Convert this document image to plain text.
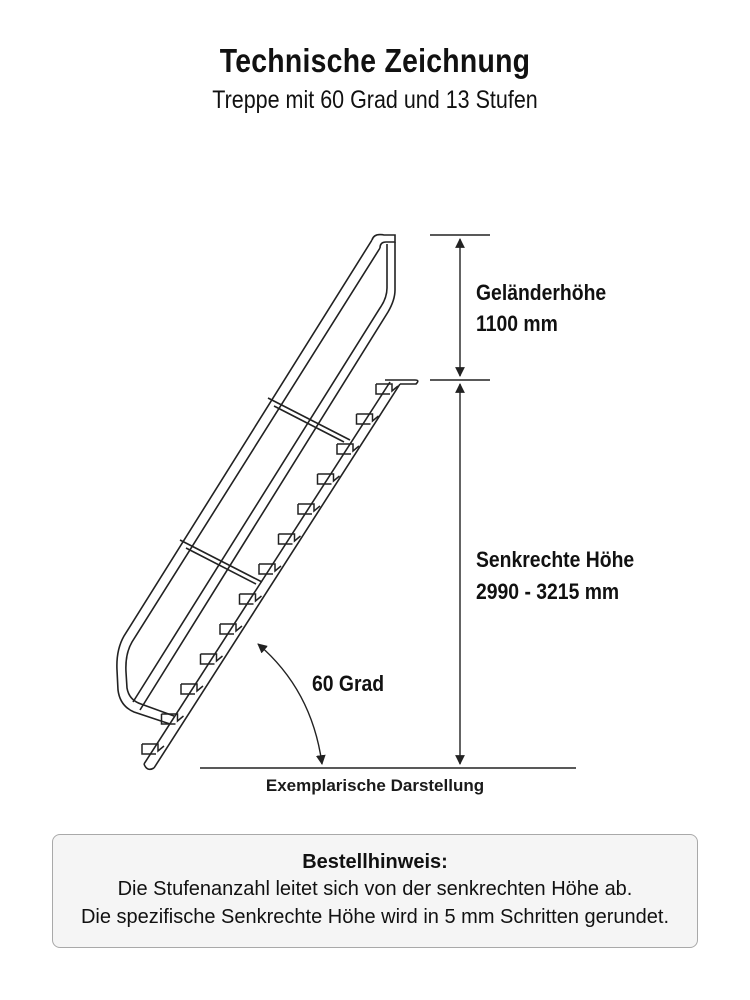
Technische Zeichnung
Treppe mit 60 Grad und 13 Stufen
Geländerhöhe
1100 mm
Senkrechte Höhe
2990 - 3215 mm
60 Grad
Exemplarische Darstellung
Bestellhinweis:
Die Stufenanzahl leitet sich von der senkrechten Höhe ab.
Die spezifische Senkrechte Höhe wird in 5 mm Schritten gerundet.
